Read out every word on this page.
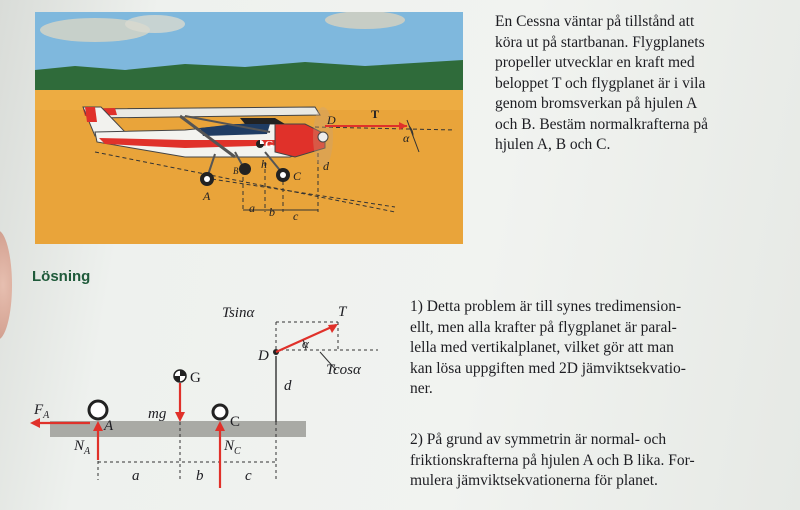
D	T
α
G
h
C
B
A
d
a b c

En Cessna väntar på tillstånd att
köra ut på startbanan. Flygplanets
propeller utvecklar en kraft med
beloppet T och flygplanet är i vila
genom bromsverkan på hjulen A
och B. Bestäm normalkrafterna på
hjulen A, B och C.

Lösning
Tsinα	T
D
α
Tcosα
G	d
$F_A$
A
mg	C
$N_A$	$N_C$
a	b	c

1) Detta problem är till synes tredimension-
ellt, men alla krafter på flygplanet är paral-
lella med vertikalplanet, vilket gör att man
kan lösa uppgiften med 2D jämviktsekvatio-
ner.

2) På grund av symmetrin är normal- och
friktionskrafterna på hjulen A och B lika. For-
mulera jämviktsekvationerna för planet.
